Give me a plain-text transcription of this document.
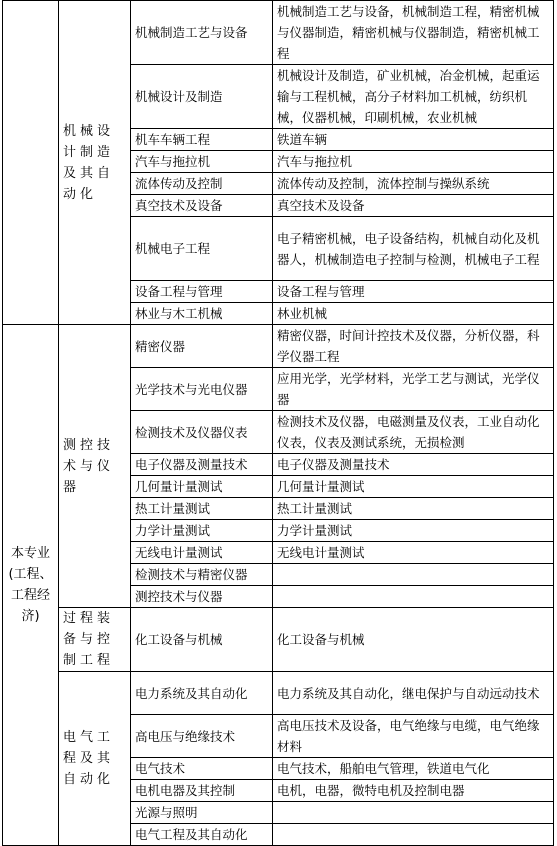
	机械设计制造及其自动化	机械制造工艺与设备	机械制造工艺与设备，机械制造工程，精密机械与仪器制造，精密机械与仪器制造，精密机械工程
		机械设计及制造	机械设计及制造，矿业机械，冶金机械，起重运输与工程机械，高分子材料加工机械，纺织机械，仪器机械，印刷机械，农业机械
		机车车辆工程	铁道车辆
		汽车与拖拉机	汽车与拖拉机
		流体传动及控制	流体传动及控制，流体控制与操纵系统
		真空技术及设备	真空技术及设备
		机械电子工程	电子精密机械，电子设备结构，机械自动化及机器人，机械制造电子控制与检测，机械电子工程
		设备工程与管理	设备工程与管理
		林业与木工机械	林业机械
本专业(工程、工程经济)	测控技术与仪器	精密仪器	精密仪器，时间计控技术及仪器，分析仪器，科学仪器工程
		光学技术与光电仪器	应用光学，光学材料，光学工艺与测试，光学仪器
		检测技术及仪器仪表	检测技术及仪器，电磁测量及仪表，工业自动化仪表，仪表及测试系统，无损检测
		电子仪器及测量技术	电子仪器及测量技术
		几何量计量测试	几何量计量测试
		热工计量测试	热工计量测试
		力学计量测试	力学计量测试
		无线电计量测试	无线电计量测试
		检测技术与精密仪器	
		测控技术与仪器	
	过程装备与控制工程	化工设备与机械	化工设备与机械
	电气工程及其自动化	电力系统及其自动化	电力系统及其自动化，继电保护与自动远动技术
		高电压与绝缘技术	高电压技术及设备，电气绝缘与电缆，电气绝缘材料
		电气技术	电气技术，船舶电气管理，铁道电气化
		电机电器及其控制	电机，电器，微特电机及控制电器
		光源与照明	
		电气工程及其自动化	
